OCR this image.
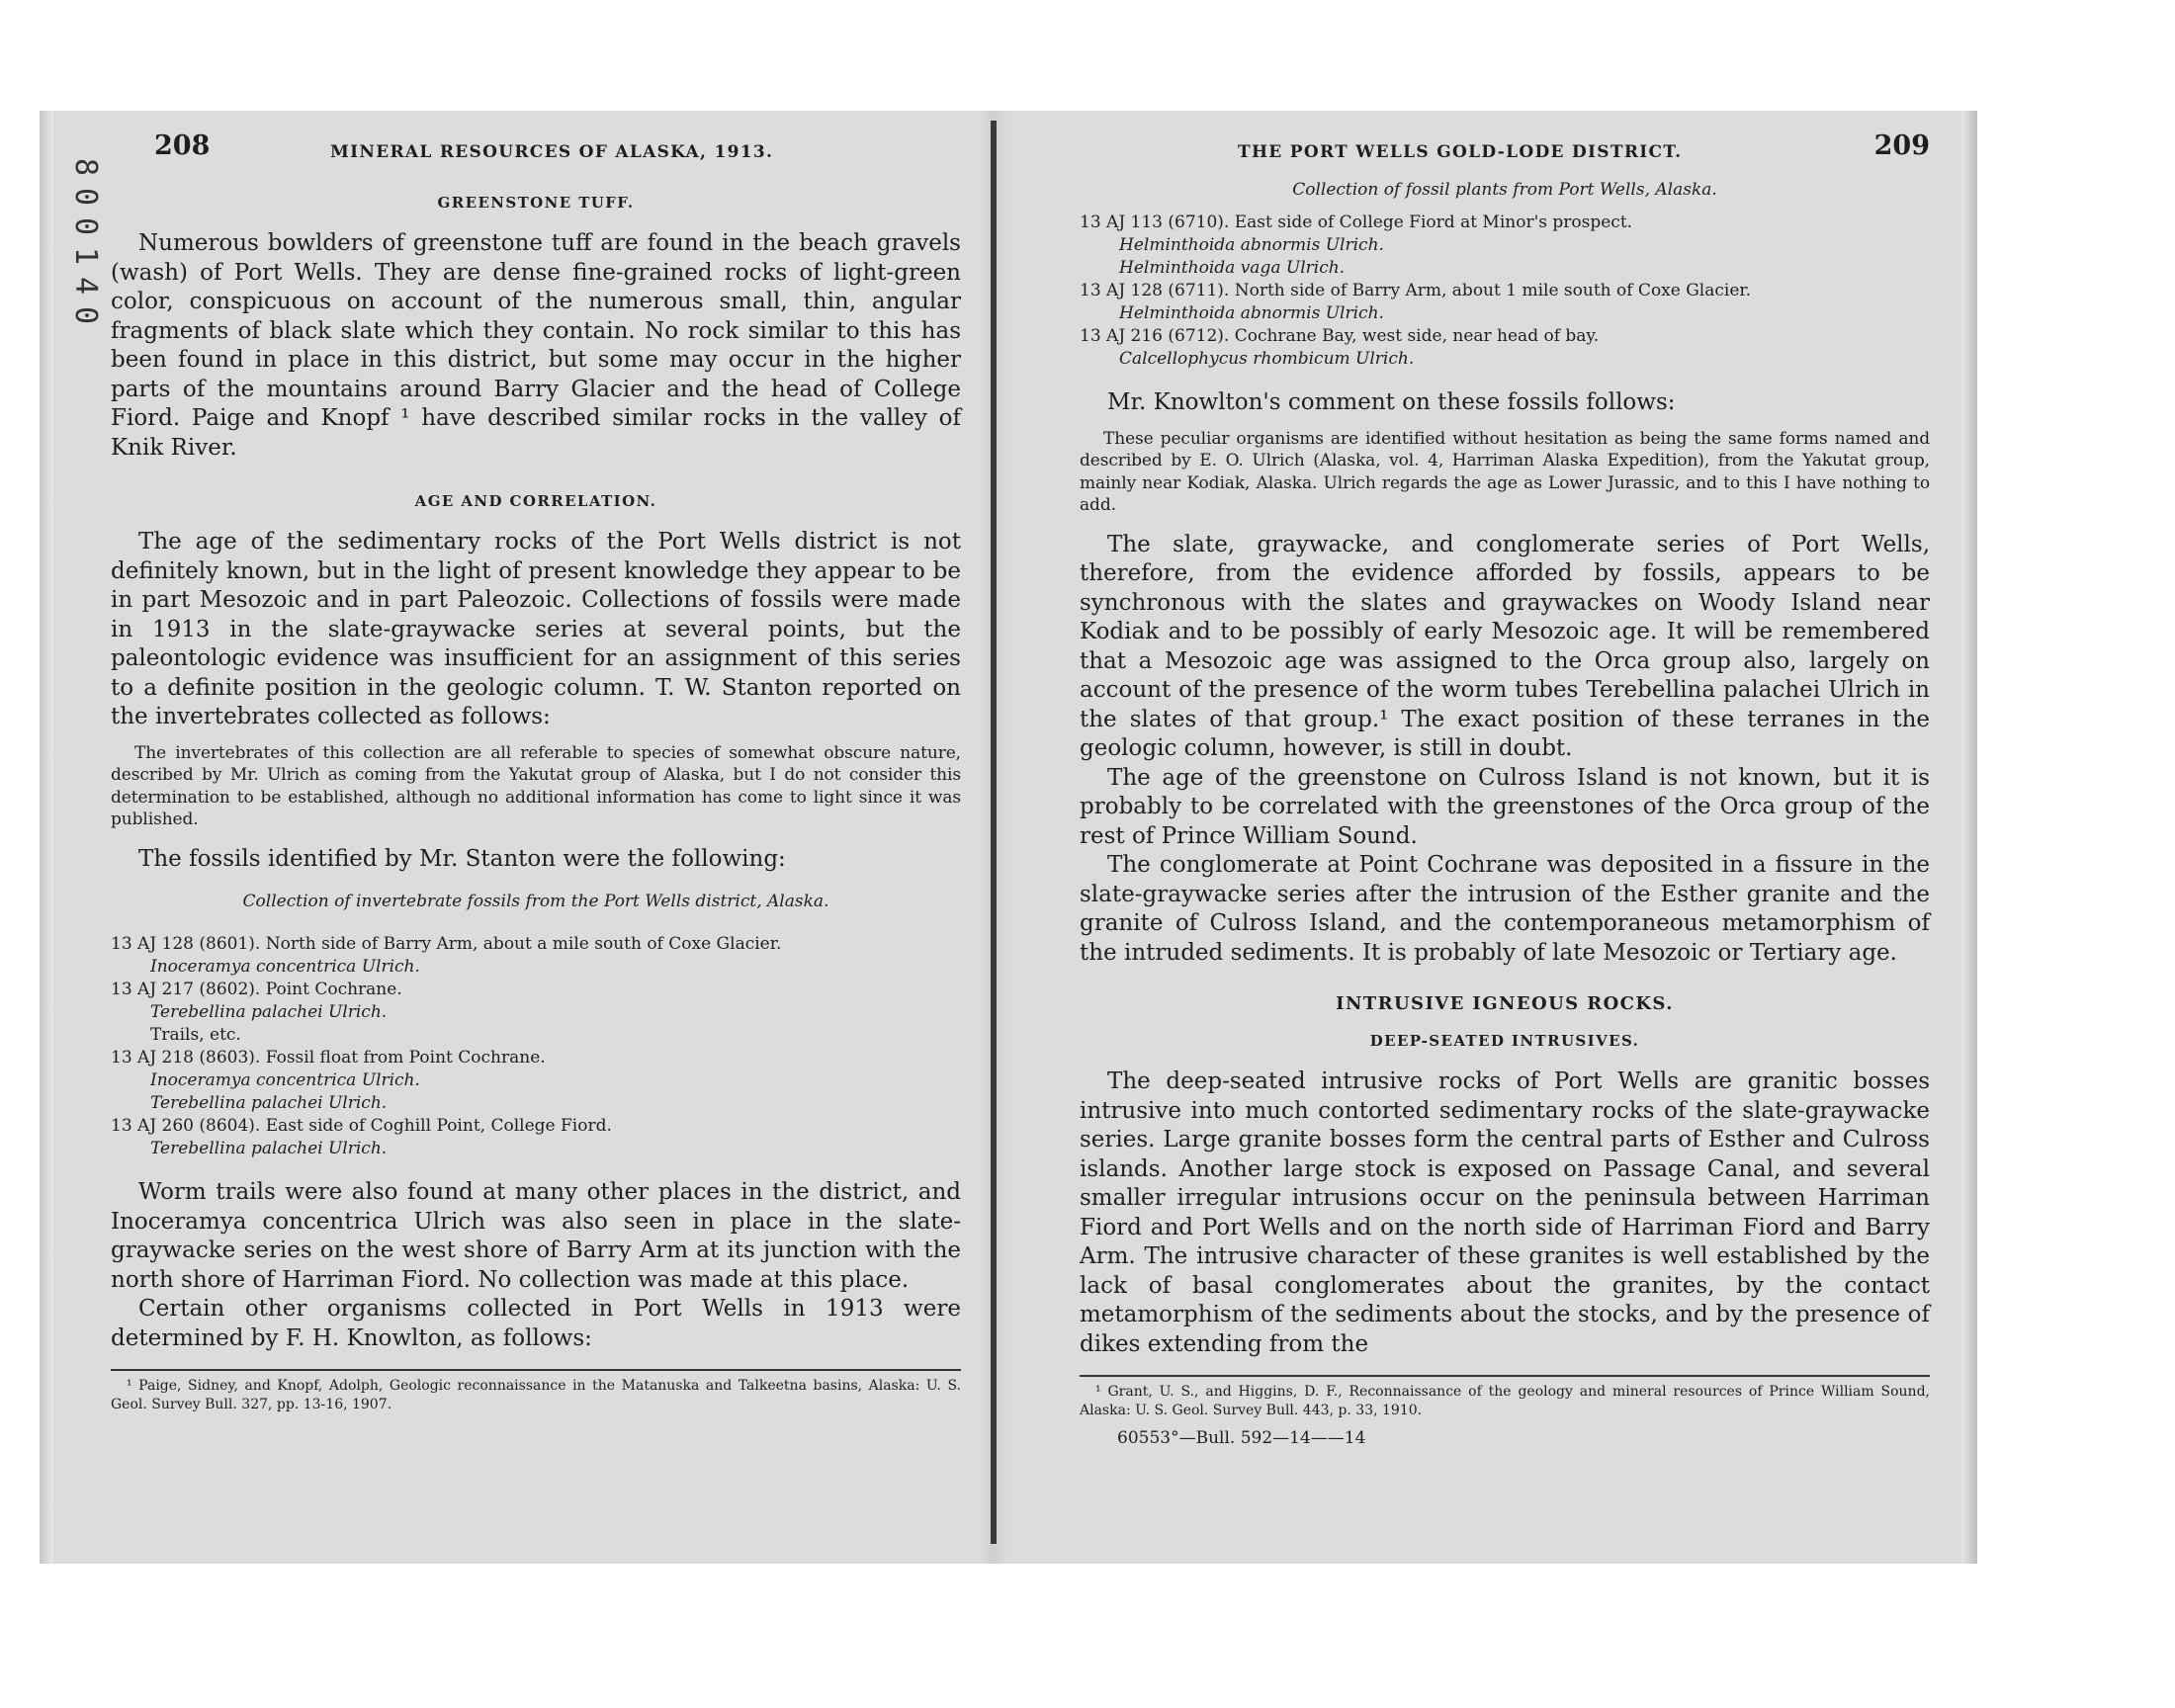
8
0
0
1
4
0
208	MINERAL RESOURCES OF ALASKA, 1913.
GREENSTONE TUFF.

Numerous bowlders of greenstone tuff are found in the beach gravels (wash) of Port Wells. They are dense fine-grained rocks of light-green color, conspicuous on account of the numerous small, thin, angular fragments of black slate which they contain. No rock similar to this has been found in place in this district, but some may occur in the higher parts of the mountains around Barry Glacier and the head of College Fiord. Paige and Knopf ¹ have described similar rocks in the valley of Knik River.

AGE AND CORRELATION.

The age of the sedimentary rocks of the Port Wells district is not definitely known, but in the light of present knowledge they appear to be in part Mesozoic and in part Paleozoic. Collections of fossils were made in 1913 in the slate-graywacke series at several points, but the paleontologic evidence was insufficient for an assignment of this series to a definite position in the geologic column. T. W. Stanton reported on the invertebrates collected as follows:

The invertebrates of this collection are all referable to species of somewhat obscure nature, described by Mr. Ulrich as coming from the Yakutat group of Alaska, but I do not consider this determination to be established, although no additional information has come to light since it was published.

The fossils identified by Mr. Stanton were the following:

Collection of invertebrate fossils from the Port Wells district, Alaska.

13 AJ 128 (8601). North side of Barry Arm, about a mile south of Coxe Glacier.

Inoceramya concentrica Ulrich.

13 AJ 217 (8602). Point Cochrane.

Terebellina palachei Ulrich.

Trails, etc.

13 AJ 218 (8603). Fossil float from Point Cochrane.

Inoceramya concentrica Ulrich.

Terebellina palachei Ulrich.

13 AJ 260 (8604). East side of Coghill Point, College Fiord.

Terebellina palachei Ulrich.

Worm trails were also found at many other places in the district, and Inoceramya concentrica Ulrich was also seen in place in the slate-graywacke series on the west shore of Barry Arm at its junction with the north shore of Harriman Fiord. No collection was made at this place.

Certain other organisms collected in Port Wells in 1913 were determined by F. H. Knowlton, as follows:

¹ Paige, Sidney, and Knopf, Adolph, Geologic reconnaissance in the Matanuska and Talkeetna basins, Alaska: U. S. Geol. Survey Bull. 327, pp. 13-16, 1907.

THE PORT WELLS GOLD-LODE DISTRICT.	209
Collection of fossil plants from Port Wells, Alaska.

13 AJ 113 (6710). East side of College Fiord at Minor's prospect.

Helminthoida abnormis Ulrich.

Helminthoida vaga Ulrich.

13 AJ 128 (6711). North side of Barry Arm, about 1 mile south of Coxe Glacier.

Helminthoida abnormis Ulrich.

13 AJ 216 (6712). Cochrane Bay, west side, near head of bay.

Calcellophycus rhombicum Ulrich.

Mr. Knowlton's comment on these fossils follows:

These peculiar organisms are identified without hesitation as being the same forms named and described by E. O. Ulrich (Alaska, vol. 4, Harriman Alaska Expedition), from the Yakutat group, mainly near Kodiak, Alaska. Ulrich regards the age as Lower Jurassic, and to this I have nothing to add.

The slate, graywacke, and conglomerate series of Port Wells, therefore, from the evidence afforded by fossils, appears to be synchronous with the slates and graywackes on Woody Island near Kodiak and to be possibly of early Mesozoic age. It will be remembered that a Mesozoic age was assigned to the Orca group also, largely on account of the presence of the worm tubes Terebellina palachei Ulrich in the slates of that group.¹ The exact position of these terranes in the geologic column, however, is still in doubt.

The age of the greenstone on Culross Island is not known, but it is probably to be correlated with the greenstones of the Orca group of the rest of Prince William Sound.

The conglomerate at Point Cochrane was deposited in a fissure in the slate-graywacke series after the intrusion of the Esther granite and the granite of Culross Island, and the contemporaneous metamorphism of the intruded sediments. It is probably of late Mesozoic or Tertiary age.

INTRUSIVE IGNEOUS ROCKS.
DEEP-SEATED INTRUSIVES.

The deep-seated intrusive rocks of Port Wells are granitic bosses intrusive into much contorted sedimentary rocks of the slate-graywacke series. Large granite bosses form the central parts of Esther and Culross islands. Another large stock is exposed on Passage Canal, and several smaller irregular intrusions occur on the peninsula between Harriman Fiord and Port Wells and on the north side of Harriman Fiord and Barry Arm. The intrusive character of these granites is well established by the lack of basal conglomerates about the granites, by the contact metamorphism of the sediments about the stocks, and by the presence of dikes extending from the

¹ Grant, U. S., and Higgins, D. F., Reconnaissance of the geology and mineral resources of Prince William Sound, Alaska: U. S. Geol. Survey Bull. 443, p. 33, 1910.

60553°—Bull. 592—14——14
